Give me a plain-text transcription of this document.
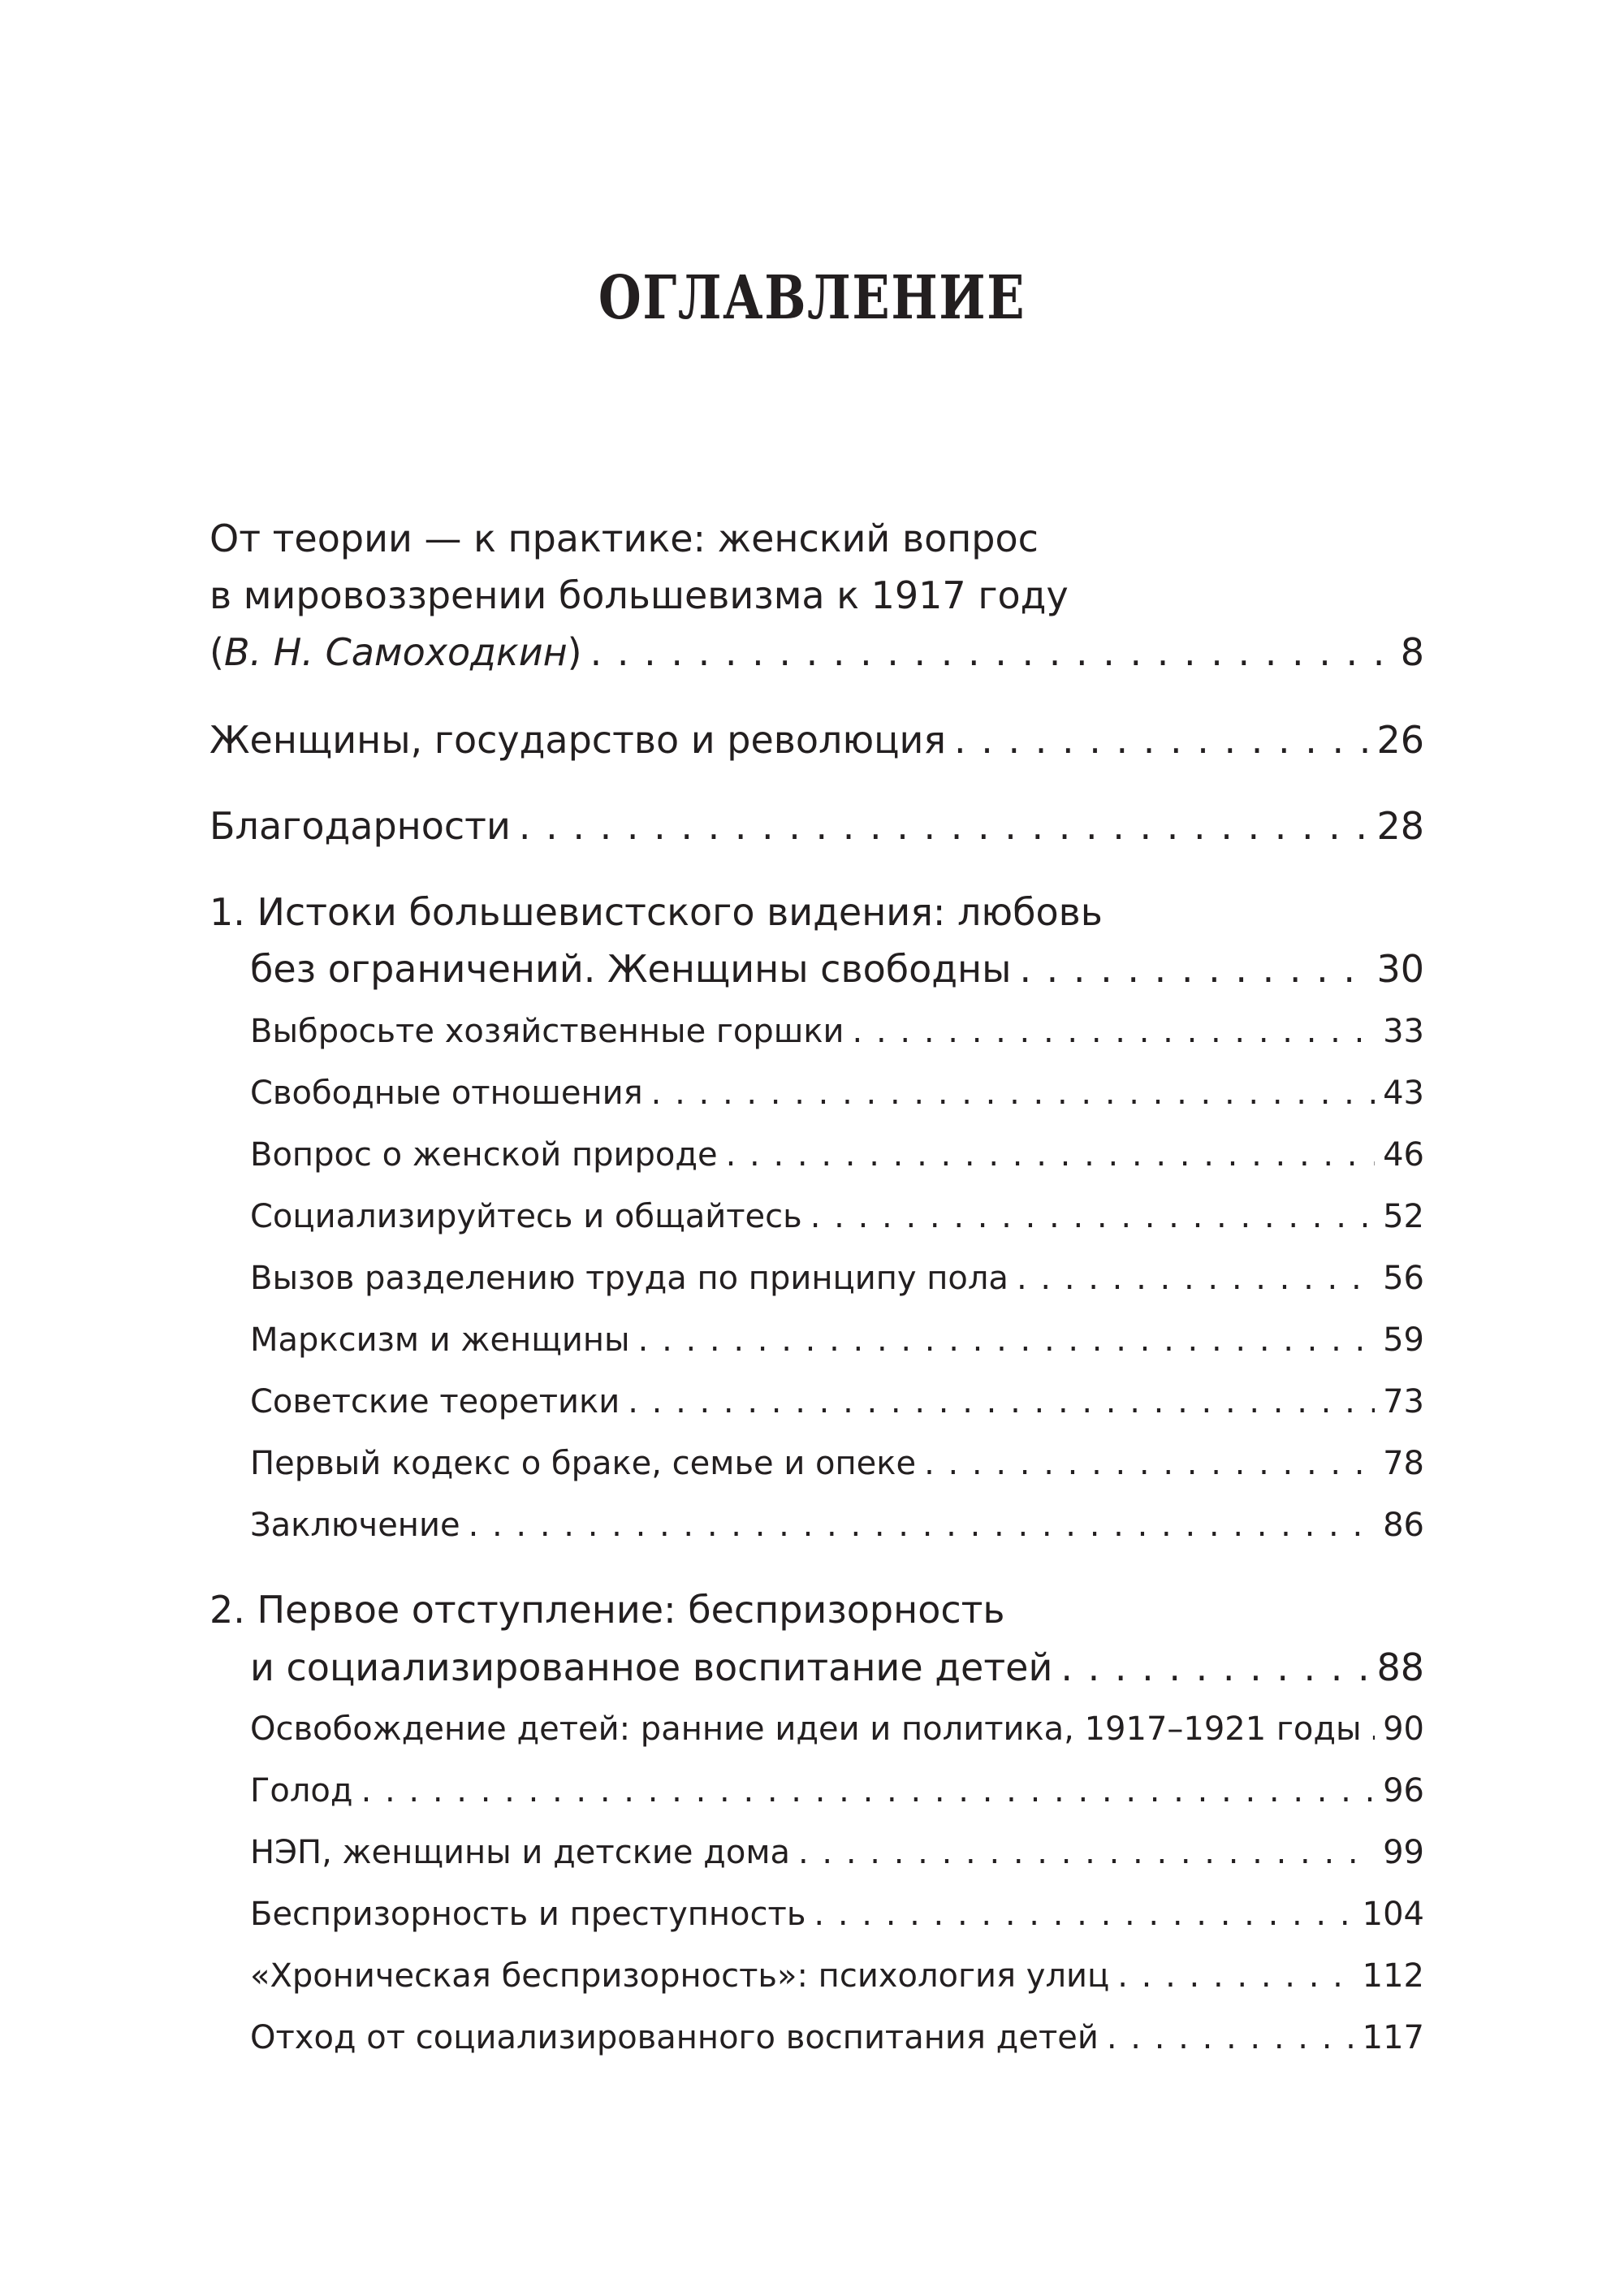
ОГЛАВЛЕНИЕ
От теории — к практике: женский вопрос
в мировоззрении большевизма к 1917 году
(В. Н. Самоходкин) . . .	8
Женщины, государство и революция . . .	26
Благодарности . . .	28
1. Истоки большевистского видения: любовь
без ограничений. Женщины свободны . . .	30
Выбросьте хозяйственные горшки . . .	33
Свободные отношения . . .	43
Вопрос о женской природе . . .	46
Социализируйтесь и общайтесь . . .	52
Вызов разделению труда по принципу пола . . .	56
Марксизм и женщины . . .	59
Советские теоретики . . .	73
Первый кодекс о браке, семье и опеке . . .	78
Заключение . . .	86
2. Первое отступление: беспризорность
и социализированное воспитание детей . . .	88
Освобождение детей: ранние идеи и политика, 1917–1921 годы . . . 90
Голод . . .	96
НЭП, женщины и детские дома . . .	99
Беспризорность и преступность . . .	104
«Хроническая беспризорность»: психология улиц . . .	112
Отход от социализированного воспитания детей . . .	117
